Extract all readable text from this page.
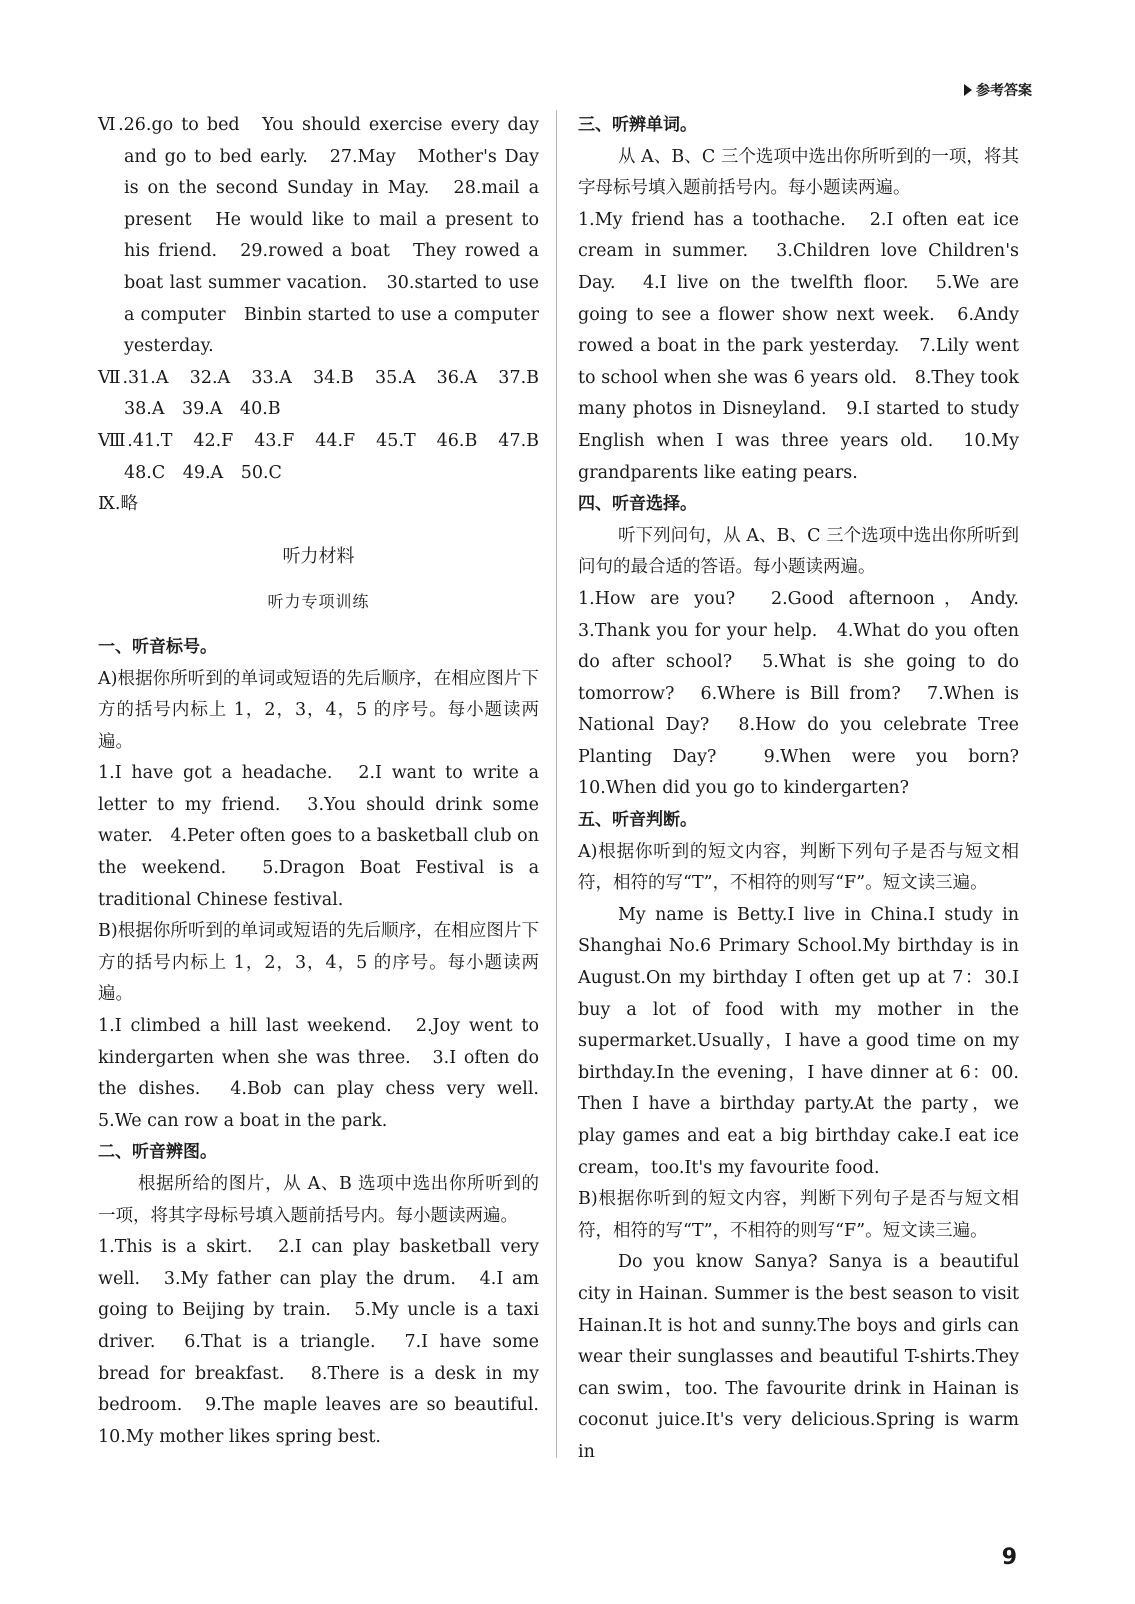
参考答案

Ⅵ.26.go to bed　You should exercise every day and go to bed early.　27.May　Mother's Day is on the second Sunday in May.　28.mail a present　He would like to mail a present to his friend.　29.rowed a boat　They rowed a boat last summer vacation.　30.started to use a computer　Binbin started to use a computer yesterday.

Ⅶ.31.A　32.A　33.A　34.B　35.A　36.A　37.B　38.A　39.A　40.B

Ⅷ.41.T　42.F　43.F　44.F　45.T　46.B　47.B　48.C　49.A　50.C

Ⅸ.略

听力材料
听力专项训练

一、听音标号。

A)根据你所听到的单词或短语的先后顺序，在相应图片下方的括号内标上 1，2，3，4，5 的序号。每小题读两遍。

1.I have got a headache.　2.I want to write a letter to my friend.　3.You should drink some water.　4.Peter often goes to a basketball club on the weekend.　5.Dragon Boat Festival is a traditional Chinese festival.

B)根据你所听到的单词或短语的先后顺序，在相应图片下方的括号内标上 1，2，3，4，5 的序号。每小题读两遍。

1.I climbed a hill last weekend.　2.Joy went to kindergarten when she was three.　3.I often do the dishes.　4.Bob can play chess very well.　5.We can row a boat in the park.

二、听音辨图。

根据所给的图片，从 A、B 选项中选出你所听到的一项，将其字母标号填入题前括号内。每小题读两遍。

1.This is a skirt.　2.I can play basketball very well.　3.My father can play the drum.　4.I am going to Beijing by train.　5.My uncle is a taxi driver.　6.That is a triangle.　7.I have some bread for breakfast.　8.There is a desk in my bedroom.　9.The maple leaves are so beautiful.　10.My mother likes spring best.

三、听辨单词。

从 A、B、C 三个选项中选出你所听到的一项，将其字母标号填入题前括号内。每小题读两遍。

1.My friend has a toothache.　2.I often eat ice cream in summer.　3.Children love Children's Day.　4.I live on the twelfth floor.　5.We are going to see a flower show next week.　6.Andy rowed a boat in the park yesterday.　7.Lily went to school when she was 6 years old.　8.They took many photos in Disneyland.　9.I started to study English when I was three years old.　10.My grandparents like eating pears.

四、听音选择。

听下列问句，从 A、B、C 三个选项中选出你所听到问句的最合适的答语。每小题读两遍。

1.How are you?　2.Good afternoon，Andy.　3.Thank you for your help.　4.What do you often do after school?　5.What is she going to do tomorrow?　6.Where is Bill from?　7.When is National Day?　8.How do you celebrate Tree Planting Day?　9.When were you born?　10.When did you go to kindergarten?

五、听音判断。

A)根据你听到的短文内容，判断下列句子是否与短文相符，相符的写“T”，不相符的则写“F”。短文读三遍。

My name is Betty.I live in China.I study in Shanghai No.6 Primary School.My birthday is in August.On my birthday I often get up at 7：30.I buy a lot of food with my mother in the supermarket.Usually，I have a good time on my birthday.In the evening，I have dinner at 6：00. Then I have a birthday party.At the party，we play games and eat a big birthday cake.I eat ice cream，too.It's my favourite food.

B)根据你听到的短文内容，判断下列句子是否与短文相符，相符的写“T”，不相符的则写“F”。短文读三遍。

Do you know Sanya? Sanya is a beautiful city in Hainan. Summer is the best season to visit Hainan.It is hot and sunny.The boys and girls can wear their sunglasses and beautiful T-shirts.They can swim，too. The favourite drink in Hainan is coconut juice.It's very delicious.Spring is warm in

9
